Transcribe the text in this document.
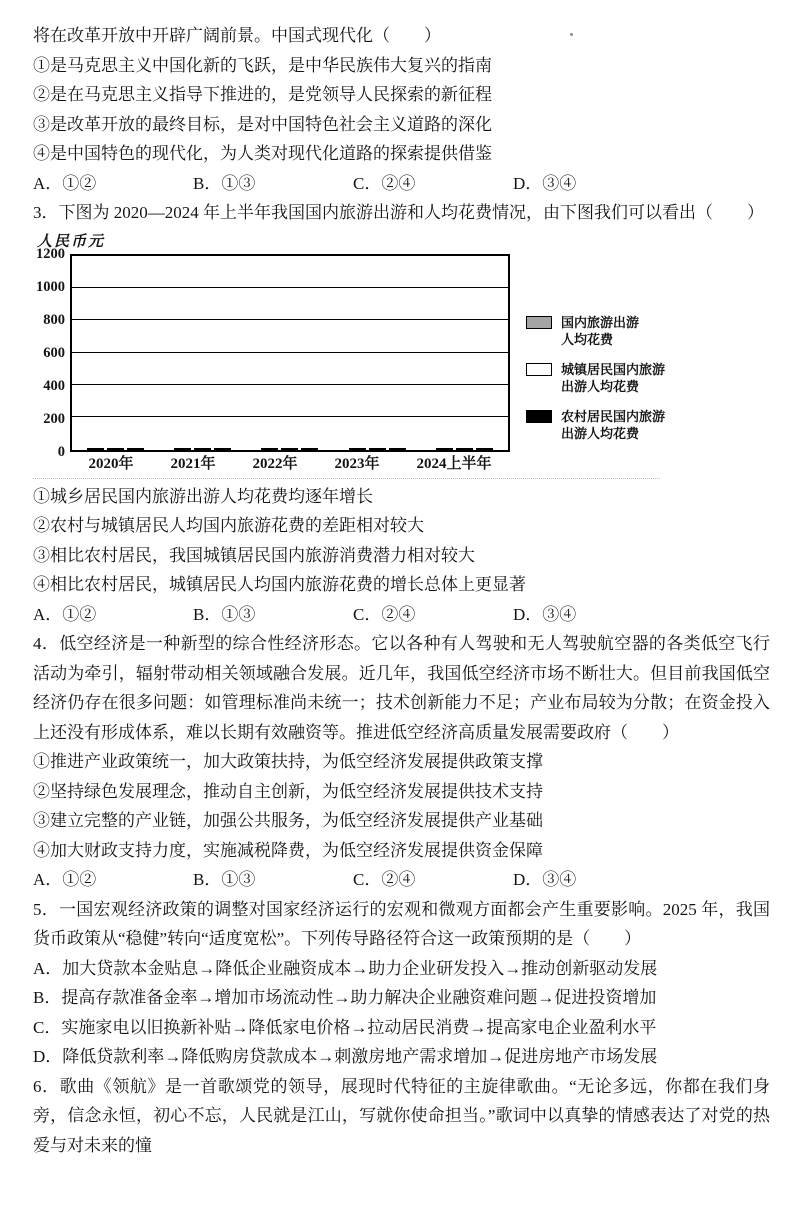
将在改革开放中开辟广阔前景。中国式现代化（　　）

①是马克思主义中国化新的飞跃，是中华民族伟大复兴的指南

②是在马克思主义指导下推进的，是党领导人民探索的新征程

③是改革开放的最终目标，是对中国特色社会主义道路的深化

④是中国特色的现代化，为人类对现代化道路的探索提供借鉴

A．①②	B．①③	C．②④	D．③④

3．下图为 2020—2024 年上半年我国国内旅游出游和人均花费情况，由下图我们可以看出（　　）

人民币元
0
200
400
600
800
1000
1200
2020年 2021年 2022年 2023年 2024上半年
国内旅游出游
人均花费
城镇居民国内旅游
出游人均花费
农村居民国内旅游
出游人均花费

①城乡居民国内旅游出游人均花费均逐年增长

②农村与城镇居民人均国内旅游花费的差距相对较大

③相比农村居民，我国城镇居民国内旅游消费潜力相对较大

④相比农村居民，城镇居民人均国内旅游花费的增长总体上更显著

A．①②	B．①③	C．②④	D．③④

4．低空经济是一种新型的综合性经济形态。它以各种有人驾驶和无人驾驶航空器的各类低空飞行活动为牵引，辐射带动相关领域融合发展。近几年，我国低空经济市场不断壮大。但目前我国低空经济仍存在很多问题：如管理标准尚未统一；技术创新能力不足；产业布局较为分散；在资金投入上还没有形成体系，难以长期有效融资等。推进低空经济高质量发展需要政府（　　）

①推进产业政策统一，加大政策扶持，为低空经济发展提供政策支撑

②坚持绿色发展理念，推动自主创新，为低空经济发展提供技术支持

③建立完整的产业链，加强公共服务，为低空经济发展提供产业基础

④加大财政支持力度，实施减税降费，为低空经济发展提供资金保障

A．①②	B．①③	C．②④	D．③④

5．一国宏观经济政策的调整对国家经济运行的宏观和微观方面都会产生重要影响。2025 年，我国货币政策从“稳健”转向“适度宽松”。下列传导路径符合这一政策预期的是（　　）

A．加大贷款本金贴息→降低企业融资成本→助力企业研发投入→推动创新驱动发展

B．提高存款准备金率→增加市场流动性→助力解决企业融资难问题→促进投资增加

C．实施家电以旧换新补贴→降低家电价格→拉动居民消费→提高家电企业盈利水平

D．降低贷款利率→降低购房贷款成本→刺激房地产需求增加→促进房地产市场发展

6．歌曲《领航》是一首歌颂党的领导，展现时代特征的主旋律歌曲。“无论多远，你都在我们身旁，信念永恒，初心不忘，人民就是江山，写就你使命担当。”歌词中以真挚的情感表达了对党的热爱与对未来的憧
